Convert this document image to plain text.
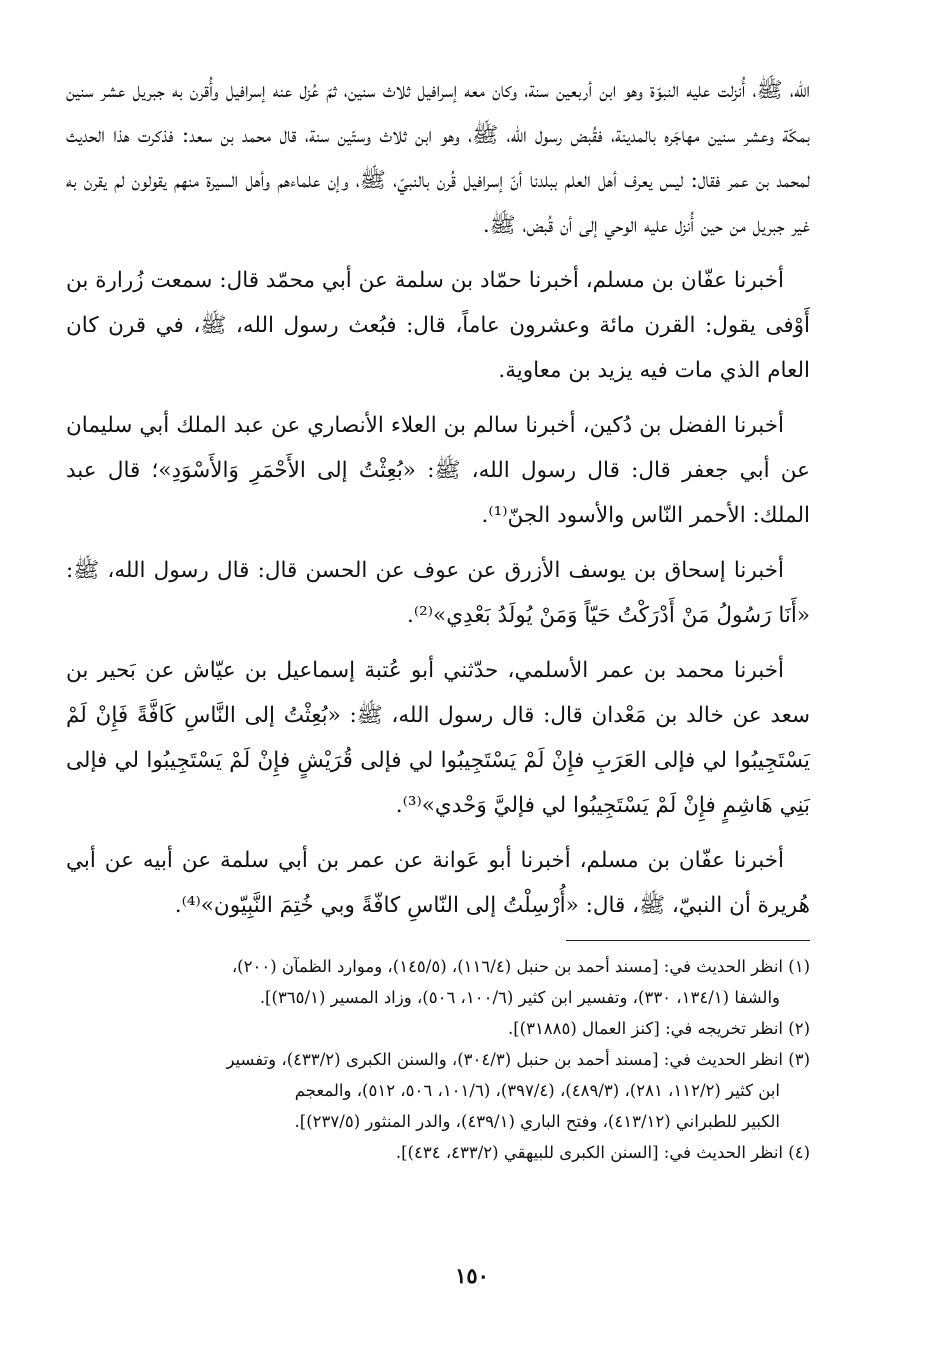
الله، ﷺ، أُنزلت عليه النبوّة وهو ابن أربعين سنة، وكان معه إسرافيل ثلاث سنين، ثمّ عُزل عنه إسرافيل وأُقرن به جبريل عشر سنين بمكّة وعشر سنين مهاجَره بالمدينة، فقُبض رسول الله، ﷺ، وهو ابن ثلاث وستّين سنة، قال محمد بن سعد: فذكرت هذا الحديث لمحمد بن عمر فقال: ليس يعرف أهل العلم ببلدنا أنّ إسرافيل قُرن بالنبيّ، ﷺ، وإن علماءهم وأهل السيرة منهم يقولون لم يقرن به غير جبريل من حين أُنزل عليه الوحي إلى أن قُبض، ﷺ.

أخبرنا عفّان بن مسلم، أخبرنا حمّاد بن سلمة عن أبي محمّد قال: سمعت زُرارة بن أَوْفى يقول: القرن مائة وعشرون عاماً، قال: فبُعث رسول الله، ﷺ، في قرن كان العام الذي مات فيه يزيد بن معاوية.

أخبرنا الفضل بن دُكين، أخبرنا سالم بن العلاء الأنصاري عن عبد الملك أبي سليمان عن أبي جعفر قال: قال رسول الله، ﷺ: «بُعِثْتُ إلى الأَحْمَرِ وَالأَسْوَدِ»؛ قال عبد الملك: الأحمر النّاس والأسود الجنّ⁽¹⁾.

أخبرنا إسحاق بن يوسف الأزرق عن عوف عن الحسن قال: قال رسول الله، ﷺ: «أَنَا رَسُولُ مَنْ أَدْرَكْتُ حَيّاً وَمَنْ يُولَدُ بَعْدِي»⁽²⁾.

أخبرنا محمد بن عمر الأسلمي، حدّثني أبو عُتبة إسماعيل بن عيّاش عن بَحير بن سعد عن خالد بن مَعْدان قال: قال رسول الله، ﷺ: «بُعِثْتُ إلى النَّاسِ كَافَّةً فَإِنْ لَمْ يَسْتَجِيبُوا لي فإلى العَرَبِ فإِنْ لَمْ يَسْتَجِيبُوا لي فإلى قُرَيْشٍ فإِنْ لَمْ يَسْتَجِيبُوا لي فإلى بَنِي هَاشِمٍ فإِنْ لَمْ يَسْتَجِيبُوا لي فإليَّ وَحْدي»⁽³⁾.

أخبرنا عفّان بن مسلم، أخبرنا أبو عَوانة عن عمر بن أبي سلمة عن أبيه عن أبي هُريرة أن النبيّ، ﷺ، قال: «أُرْسِلْتُ إلى النّاسِ كافّةً وبي خُتِمَ النَّبِيّون»⁽⁴⁾.

(١) انظر الحديث في: [مسند أحمد بن حنبل (١١٦/٤)، (١٤٥/٥)، وموارد الظمآن (٢٠٠)،
والشفا (١٣٤/١، ٣٣٠)، وتفسير ابن كثير (١٠٠/٦، ٥٠٦)، وزاد المسير (٣٦٥/١)].
(٢) انظر تخريجه في: [كنز العمال (٣١٨٨٥)].
(٣) انظر الحديث في: [مسند أحمد بن حنبل (٣٠٤/٣)، والسنن الكبرى (٤٣٣/٢)، وتفسير
ابن كثير (١١٢/٢، ٢٨١)، (٤٨٩/٣)، (٣٩٧/٤)، (١٠١/٦، ٥٠٦، ٥١٢)، والمعجم
الكبير للطبراني (٤١٣/١٢)، وفتح الباري (٤٣٩/١)، والدر المنثور (٢٣٧/٥)].
(٤) انظر الحديث في: [السنن الكبرى للبيهقي (٤٣٣/٢، ٤٣٤)].
١٥٠
